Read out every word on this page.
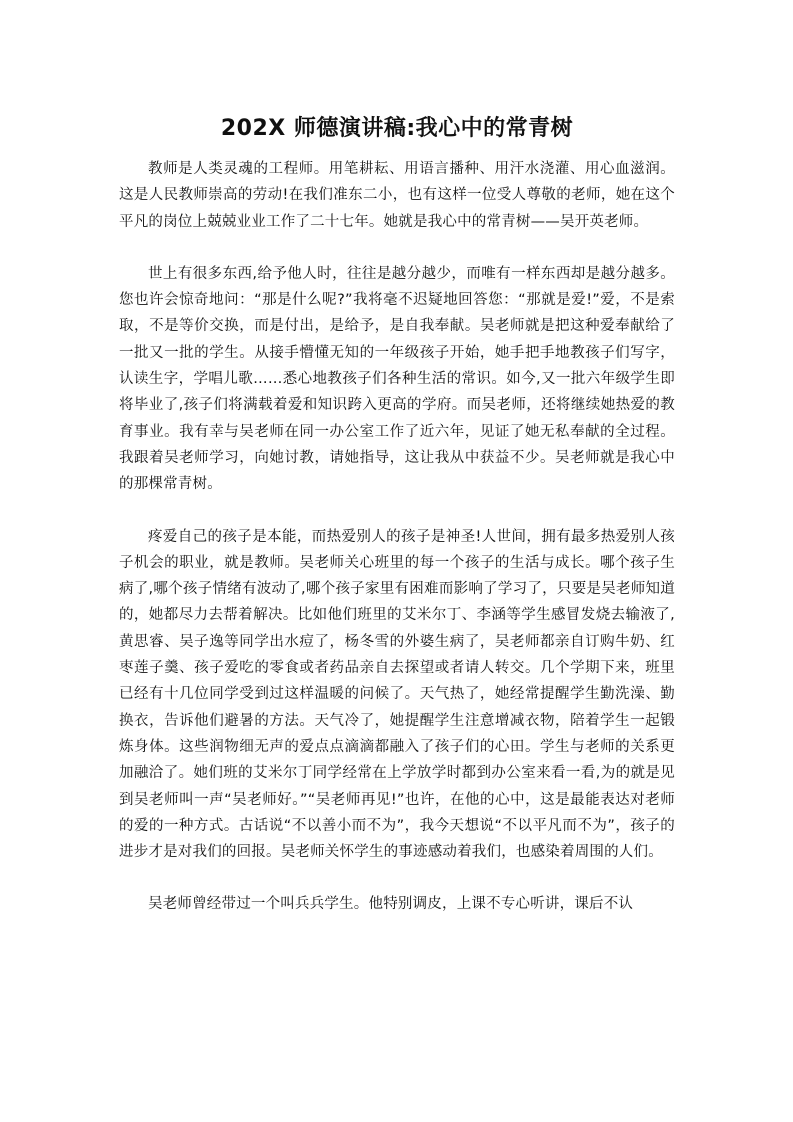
202X 师德演讲稿:我心中的常青树

教师是人类灵魂的工程师。用笔耕耘、用语言播种、用汗水浇灌、用心血滋润。这是人民教师崇高的劳动!在我们准东二小，也有这样一位受人尊敬的老师，她在这个平凡的岗位上兢兢业业工作了二十七年。她就是我心中的常青树——吴开英老师。

世上有很多东西,给予他人时，往往是越分越少，而唯有一样东西却是越分越多。您也许会惊奇地问：“那是什么呢?”我将毫不迟疑地回答您：“那就是爱!”爱，不是索取，不是等价交换，而是付出，是给予，是自我奉献。吴老师就是把这种爱奉献给了一批又一批的学生。从接手懵懂无知的一年级孩子开始，她手把手地教孩子们写字，认读生字，学唱儿歌……悉心地教孩子们各种生活的常识。如今,又一批六年级学生即将毕业了,孩子们将满载着爱和知识跨入更高的学府。而吴老师，还将继续她热爱的教育事业。我有幸与吴老师在同一办公室工作了近六年，见证了她无私奉献的全过程。我跟着吴老师学习，向她讨教，请她指导，这让我从中获益不少。吴老师就是我心中的那棵常青树。

疼爱自己的孩子是本能，而热爱别人的孩子是神圣!人世间，拥有最多热爱别人孩子机会的职业，就是教师。吴老师关心班里的每一个孩子的生活与成长。哪个孩子生病了,哪个孩子情绪有波动了,哪个孩子家里有困难而影响了学习了，只要是吴老师知道的，她都尽力去帮着解决。比如他们班里的艾米尔丁、李涵等学生感冒发烧去输液了,黄思睿、吴子逸等同学出水痘了，杨冬雪的外婆生病了，吴老师都亲自订购牛奶、红枣莲子羹、孩子爱吃的零食或者药品亲自去探望或者请人转交。几个学期下来，班里已经有十几位同学受到过这样温暖的问候了。天气热了，她经常提醒学生勤洗澡、勤换衣，告诉他们避暑的方法。天气冷了，她提醒学生注意增减衣物，陪着学生一起锻炼身体。这些润物细无声的爱点点滴滴都融入了孩子们的心田。学生与老师的关系更加融洽了。她们班的艾米尔丁同学经常在上学放学时都到办公室来看一看,为的就是见到吴老师叫一声“吴老师好。”“吴老师再见!”也许，在他的心中，这是最能表达对老师的爱的一种方式。古话说“不以善小而不为”，我今天想说“不以平凡而不为”，孩子的进步才是对我们的回报。吴老师关怀学生的事迹感动着我们，也感染着周围的人们。

吴老师曾经带过一个叫兵兵学生。他特别调皮，上课不专心听讲，课后不认
